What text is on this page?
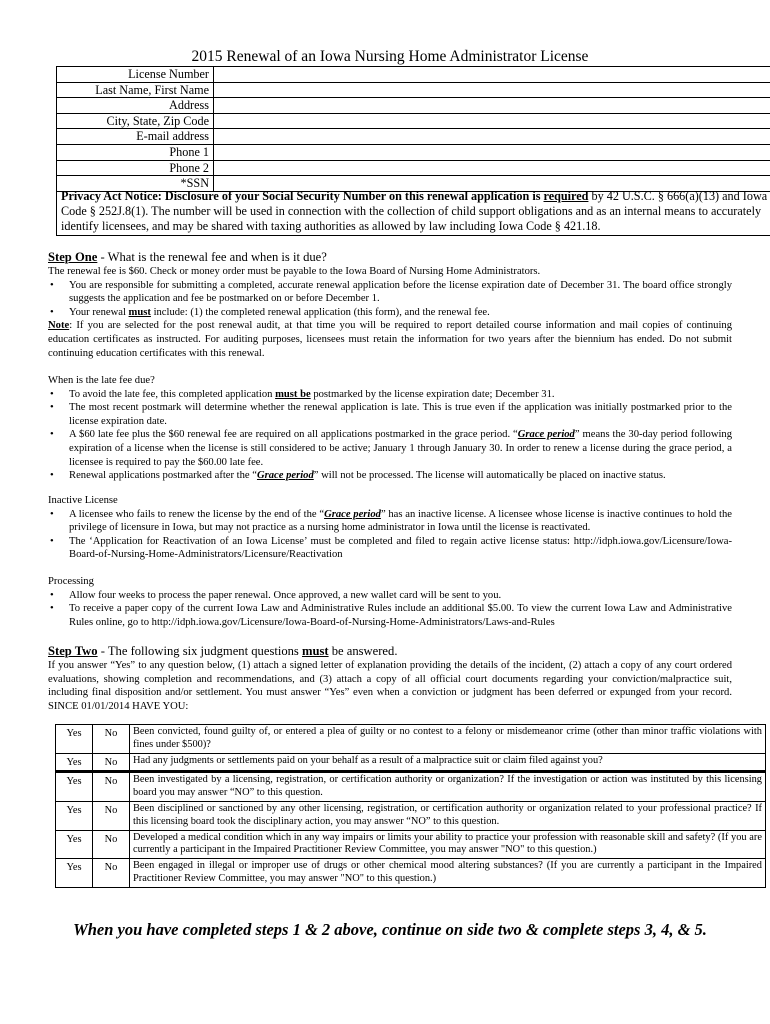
2015 Renewal of an Iowa Nursing Home Administrator License
License Number	
Last Name, First Name	
Address	
City, State, Zip Code	
E-mail address	
Phone 1	
Phone 2	
*SSN	
Privacy Act Notice: Disclosure of your Social Security Number on this renewal application is required by 42 U.S.C. § 666(a)(13) and Iowa Code § 252J.8(1). The number will be used in connection with the collection of child support obligations and as an internal means to accurately identify licensees, and may be shared with taxing authorities as allowed by law including Iowa Code § 421.18.
Step One - What is the renewal fee and when is it due?

The renewal fee is $60. Check or money order must be payable to the Iowa Board of Nursing Home Administrators.

• You are responsible for submitting a completed, accurate renewal application before the license expiration date of December 31. The board office strongly suggests the application and fee be postmarked on or before December 1.
• Your renewal must include: (1) the completed renewal application (this form), and the renewal fee.

Note: If you are selected for the post renewal audit, at that time you will be required to report detailed course information and mail copies of continuing education certificates as instructed. For auditing purposes, licensees must retain the information for two years after the biennium has ended. Do not submit continuing education certificates with this renewal.

When is the late fee due?

• To avoid the late fee, this completed application must be postmarked by the license expiration date; December 31.
• The most recent postmark will determine whether the renewal application is late. This is true even if the application was initially postmarked prior to the license expiration date.
• A $60 late fee plus the $60 renewal fee are required on all applications postmarked in the grace period. “Grace period” means the 30-day period following expiration of a license when the license is still considered to be active; January 1 through January 30. In order to renew a license during the grace period, a licensee is required to pay the $60.00 late fee.
• Renewal applications postmarked after the “Grace period” will not be processed. The license will automatically be placed on inactive status.

Inactive License

• A licensee who fails to renew the license by the end of the “Grace period” has an inactive license. A licensee whose license is inactive continues to hold the privilege of licensure in Iowa, but may not practice as a nursing home administrator in Iowa until the license is reactivated.
• The ‘Application for Reactivation of an Iowa License’ must be completed and filed to regain active license status: http://idph.iowa.gov/Licensure/Iowa-Board-of-Nursing-Home-Administrators/Licensure/Reactivation

Processing

• Allow four weeks to process the paper renewal. Once approved, a new wallet card will be sent to you.
• To receive a paper copy of the current Iowa Law and Administrative Rules include an additional $5.00. To view the current Iowa Law and Administrative Rules online, go to http://idph.iowa.gov/Licensure/Iowa-Board-of-Nursing-Home-Administrators/Laws-and-Rules
Step Two - The following six judgment questions must be answered.

If you answer “Yes” to any question below, (1) attach a signed letter of explanation providing the details of the incident, (2) attach a copy of any court ordered evaluations, showing completion and recommendations, and (3) attach a copy of all official court documents regarding your conviction/malpractice suit, including final disposition and/or settlement. You must answer “Yes” even when a conviction or judgment has been deferred or expunged from your record. SINCE 01/01/2014 HAVE YOU:

Yes	No	Been convicted, found guilty of, or entered a plea of guilty or no contest to a felony or misdemeanor crime (other than minor traffic violations with fines under $500)?
Yes	No	Had any judgments or settlements paid on your behalf as a result of a malpractice suit or claim filed against you?
Yes	No	Been investigated by a licensing, registration, or certification authority or organization? If the investigation or action was instituted by this licensing board you may answer “NO” to this question.
Yes	No	Been disciplined or sanctioned by any other licensing, registration, or certification authority or organization related to your professional practice? If this licensing board took the disciplinary action, you may answer “NO” to this question.
Yes	No	Developed a medical condition which in any way impairs or limits your ability to practice your profession with reasonable skill and safety? (If you are currently a participant in the Impaired Practitioner Review Committee, you may answer "NO" to this question.)
Yes	No	Been engaged in illegal or improper use of drugs or other chemical mood altering substances? (If you are currently a participant in the Impaired Practitioner Review Committee, you may answer "NO" to this question.)
When you have completed steps 1 & 2 above, continue on side two & complete steps 3, 4, & 5.
